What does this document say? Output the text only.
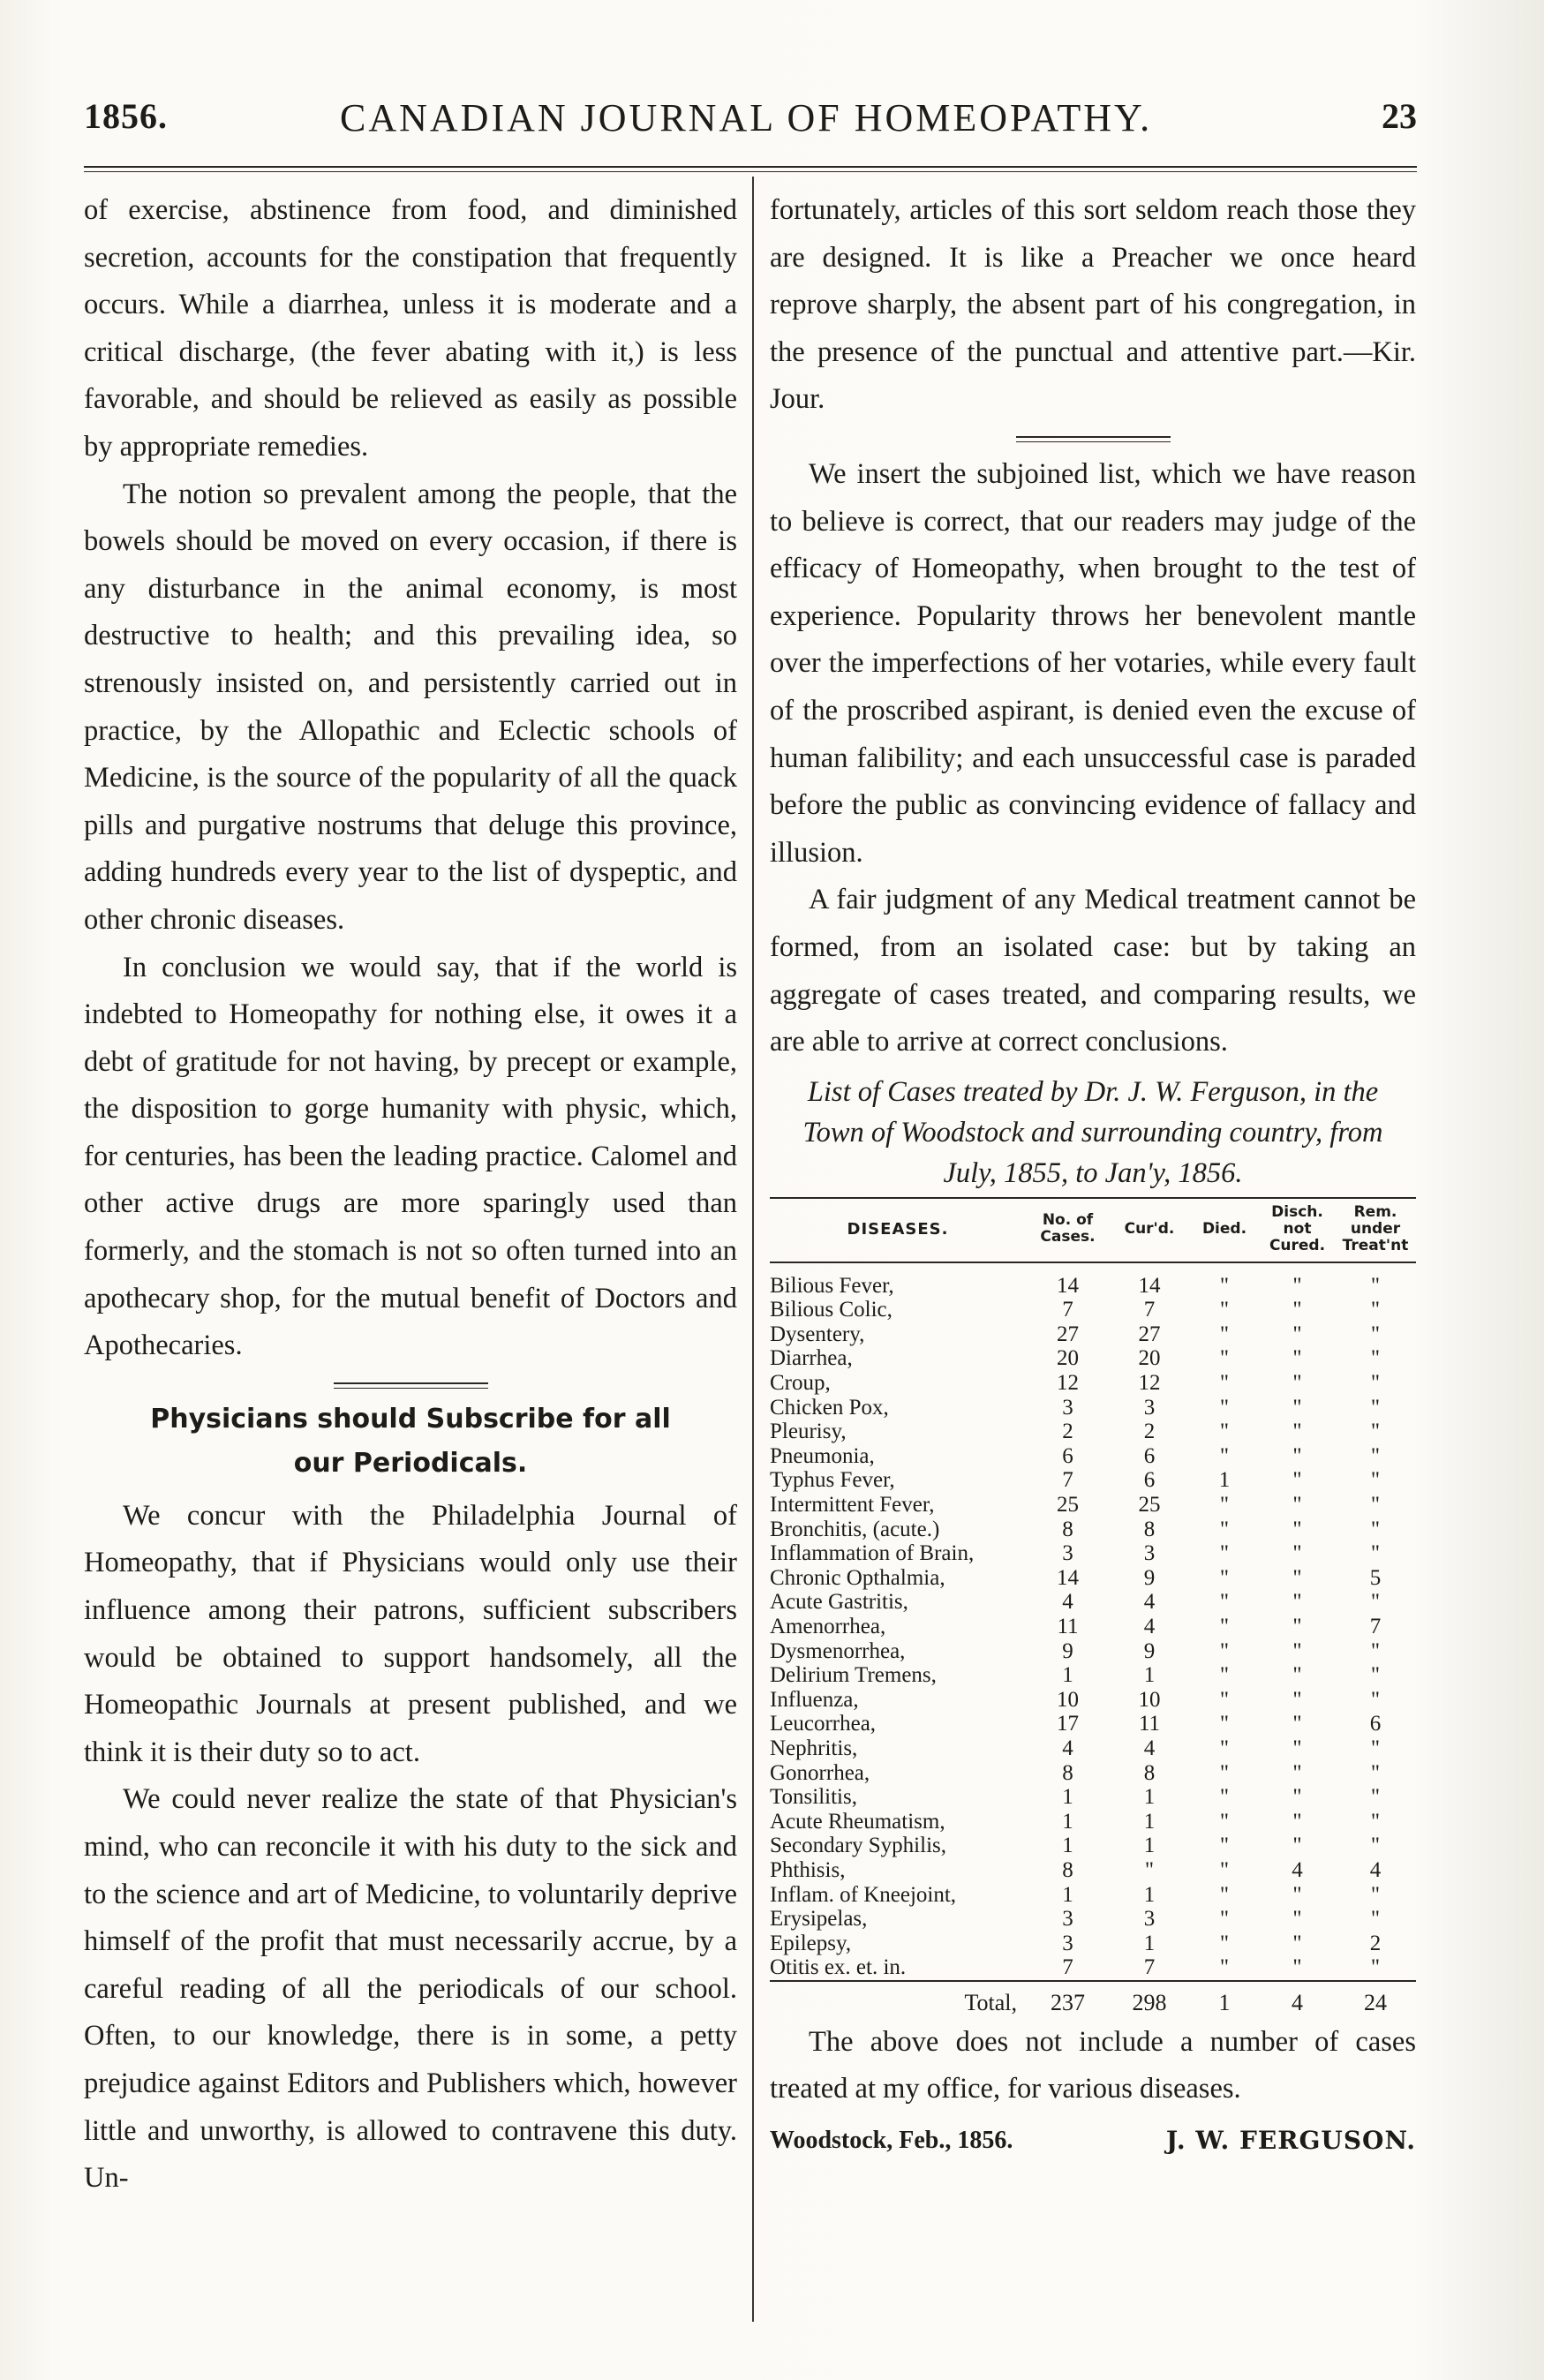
1856.	CANADIAN JOURNAL OF HOMEOPATHY.	23

of exercise, abstinence from food, and diminished secretion, accounts for the constipation that frequently occurs. While a diarrhea, unless it is moderate and a critical discharge, (the fever abating with it,) is less favorable, and should be relieved as easily as possible by appropriate remedies.

The notion so prevalent among the people, that the bowels should be moved on every occasion, if there is any disturbance in the animal economy, is most destructive to health; and this prevailing idea, so strenously insisted on, and persistently carried out in practice, by the Allopathic and Eclectic schools of Medicine, is the source of the popularity of all the quack pills and purgative nostrums that deluge this province, adding hundreds every year to the list of dyspeptic, and other chronic diseases.

In conclusion we would say, that if the world is indebted to Homeopathy for nothing else, it owes it a debt of gratitude for not having, by precept or example, the disposition to gorge humanity with physic, which, for centuries, has been the leading practice. Calomel and other active drugs are more sparingly used than formerly, and the stomach is not so often turned into an apothecary shop, for the mutual benefit of Doctors and Apothecaries.

Physicians should Subscribe for all
our Periodicals.

We concur with the Philadelphia Journal of Homeopathy, that if Physicians would only use their influence among their patrons, sufficient subscribers would be obtained to support handsomely, all the Homeopathic Journals at present published, and we think it is their duty so to act.

We could never realize the state of that Physician's mind, who can reconcile it with his duty to the sick and to the science and art of Medicine, to voluntarily deprive himself of the profit that must necessarily accrue, by a careful reading of all the periodicals of our school. Often, to our knowledge, there is in some, a petty prejudice against Editors and Publishers which, however little and unworthy, is allowed to contravene this duty. Un-

fortunately, articles of this sort seldom reach those they are designed. It is like a Preacher we once heard reprove sharply, the absent part of his congregation, in the presence of the punctual and attentive part.—Kir. Jour.

We insert the subjoined list, which we have reason to believe is correct, that our readers may judge of the efficacy of Homeopathy, when brought to the test of experience. Popularity throws her benevolent mantle over the imperfections of her votaries, while every fault of the proscribed aspirant, is denied even the excuse of human falibility; and each unsuccessful case is paraded before the public as convincing evidence of fallacy and illusion.

A fair judgment of any Medical treatment cannot be formed, from an isolated case: but by taking an aggregate of cases treated, and comparing results, we are able to arrive at correct conclusions.

List of Cases treated by Dr. J. W. Ferguson, in the Town of Woodstock and surrounding country, from July, 1855, to Jan'y, 1856.
DISEASES.	No. of Cases.	Cur'd.	Died.	Disch. not Cured.	Rem. under Treat'nt
Bilious Fever,	14	14	"	"	"
Bilious Colic,	7	7	"	"	"
Dysentery,	27	27	"	"	"
Diarrhea,	20	20	"	"	"
Croup,	12	12	"	"	"
Chicken Pox,	3	3	"	"	"
Pleurisy,	2	2	"	"	"
Pneumonia,	6	6	"	"	"
Typhus Fever,	7	6	1	"	"
Intermittent Fever,	25	25	"	"	"
Bronchitis, (acute.)	8	8	"	"	"
Inflammation of Brain,	3	3	"	"	"
Chronic Opthalmia,	14	9	"	"	5
Acute Gastritis,	4	4	"	"	"
Amenorrhea,	11	4	"	"	7
Dysmenorrhea,	9	9	"	"	"
Delirium Tremens,	1	1	"	"	"
Influenza,	10	10	"	"	"
Leucorrhea,	17	11	"	"	6
Nephritis,	4	4	"	"	"
Gonorrhea,	8	8	"	"	"
Tonsilitis,	1	1	"	"	"
Acute Rheumatism,	1	1	"	"	"
Secondary Syphilis,	1	1	"	"	"
Phthisis,	8	"	"	4	4
Inflam. of Kneejoint,	1	1	"	"	"
Erysipelas,	3	3	"	"	"
Epilepsy,	3	1	"	"	2
Otitis ex. et. in.	7	7	"	"	"
Total,	237	298	1	4	24

The above does not include a number of cases treated at my office, for various diseases.

Woodstock, Feb., 1856.	J. W. FERGUSON.
